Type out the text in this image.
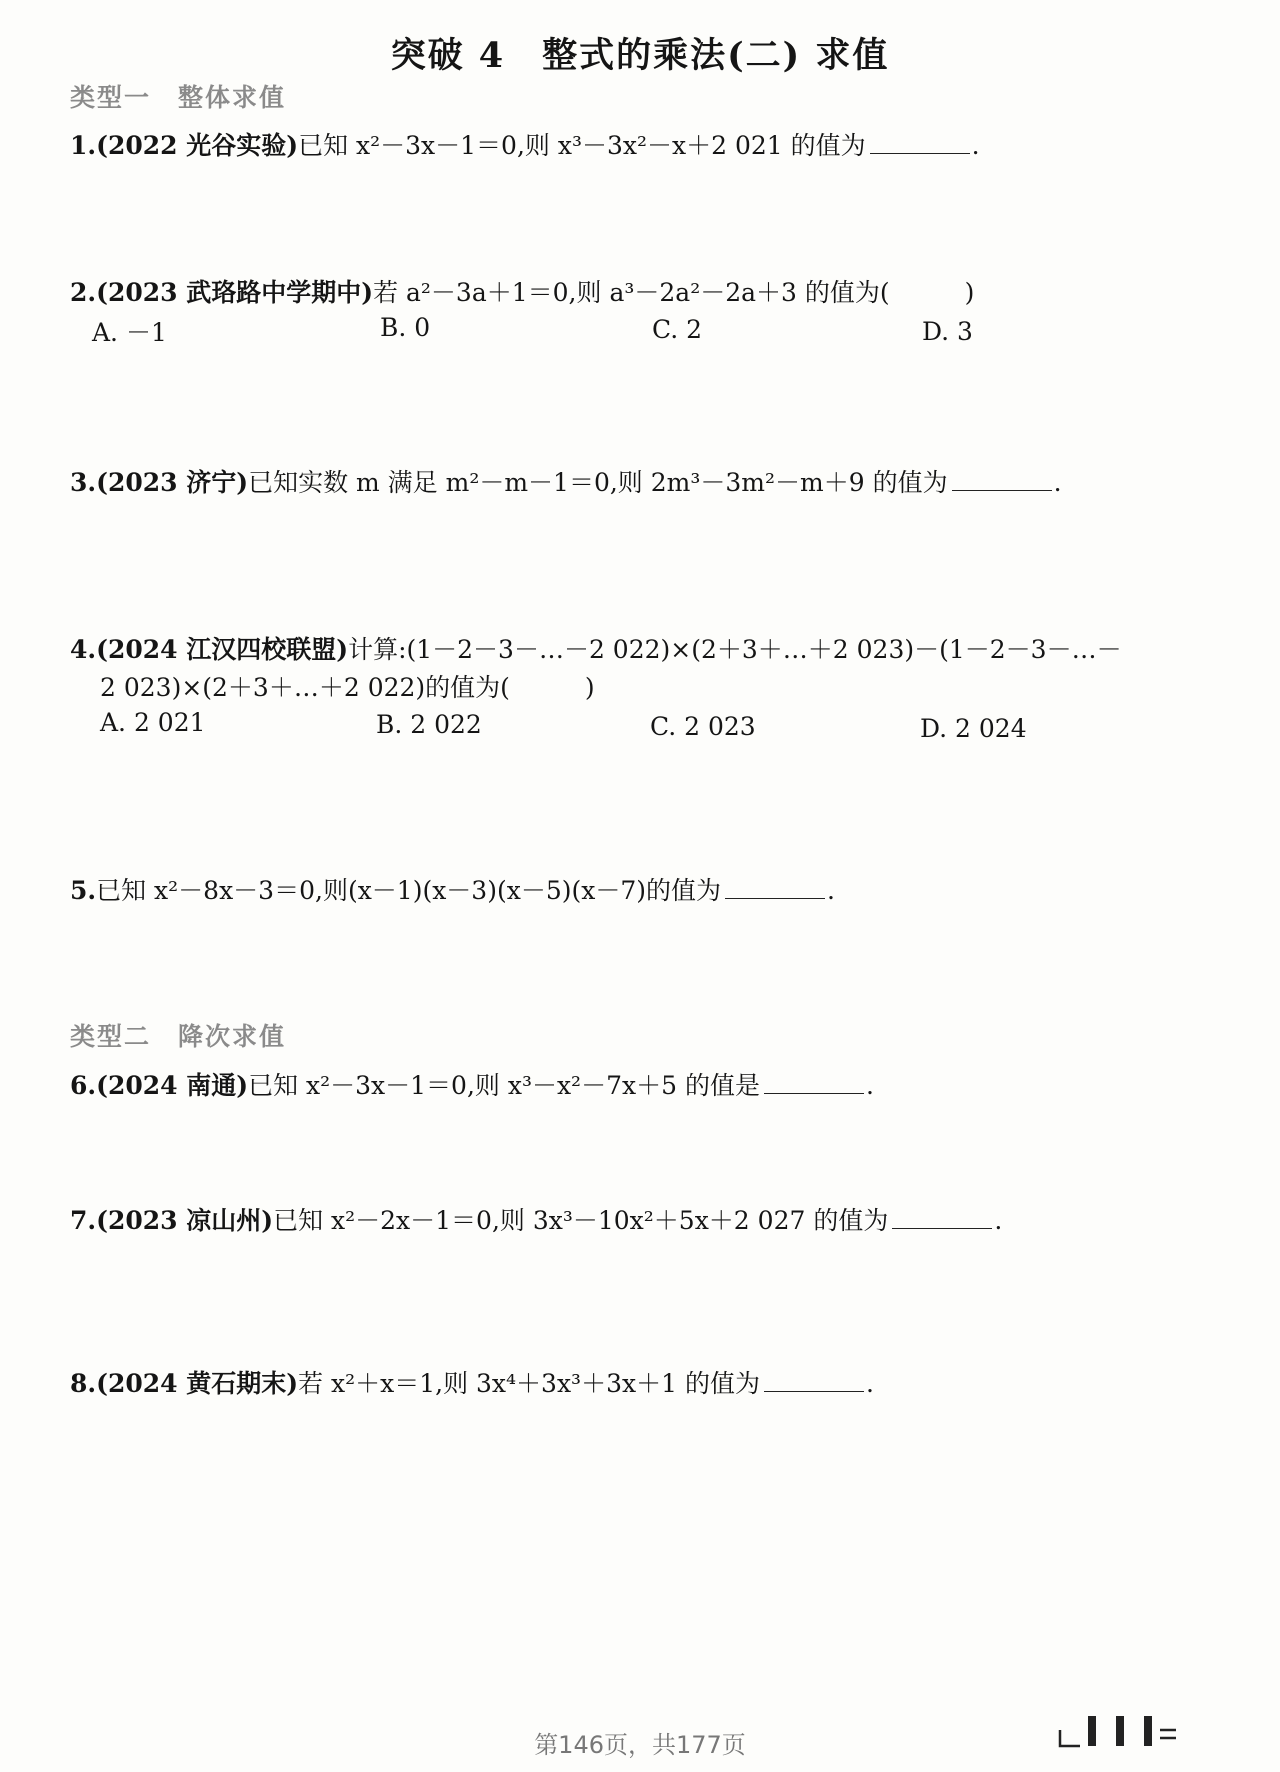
突破 4　整式的乘法(二) 求值
类型一　整体求值
1.(2022 光谷实验)已知 x²－3x－1＝0,则 x³－3x²－x＋2 021 的值为	.
2.(2023 武珞路中学期中)若 a²－3a＋1＝0,则 a³－2a²－2a＋3 的值为(　　　)
A. －1	B. 0	C. 2	D. 3
3.(2023 济宁)已知实数 m 满足 m²－m－1＝0,则 2m³－3m²－m＋9 的值为	.
4.(2024 江汉四校联盟)计算:(1－2－3－…－2 022)×(2＋3＋…＋2 023)－(1－2－3－…－
2 023)×(2＋3＋…＋2 022)的值为(　　　)
A. 2 021	B. 2 022	C. 2 023	D. 2 024
5.已知 x²－8x－3＝0,则(x－1)(x－3)(x－5)(x－7)的值为	.
类型二　降次求值
6.(2024 南通)已知 x²－3x－1＝0,则 x³－x²－7x＋5 的值是	.
7.(2023 凉山州)已知 x²－2x－1＝0,则 3x³－10x²＋5x＋2 027 的值为	.
8.(2024 黄石期末)若 x²＋x＝1,则 3x⁴＋3x³＋3x＋1 的值为	.
第146页，共177页
